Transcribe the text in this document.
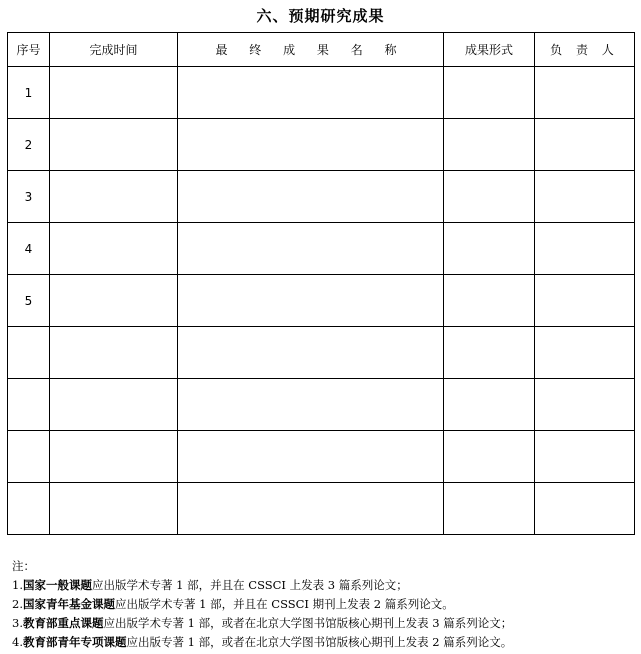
六、预期研究成果
序号	完成时间	最 终 成 果 名 称	成果形式	负 责 人
1				
2				
3				
4				
5				

注：
1.国家一般课题应出版学术专著 1 部，并且在 CSSCI 上发表 3 篇系列论文；
2.国家青年基金课题应出版学术专著 1 部，并且在 CSSCI 期刊上发表 2 篇系列论文。
3.教育部重点课题应出版学术专著 1 部，或者在北京大学图书馆版核心期刊上发表 3 篇系列论文；
4.教育部青年专项课题应出版专著 1 部，或者在北京大学图书馆版核心期刊上发表 2 篇系列论文。
